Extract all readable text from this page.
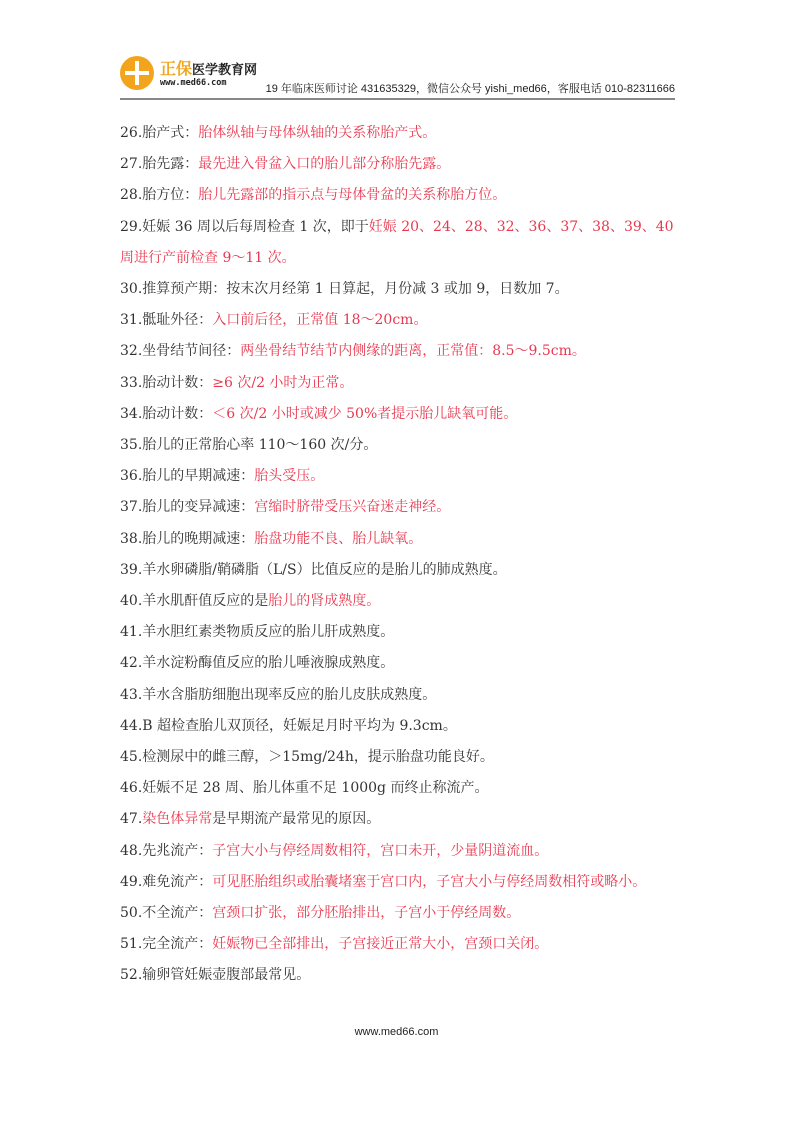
正保医学教育网
www.med66.com	19 年临床医师讨论 431635329，微信公众号 yishi_med66，客服电话 010-82311666
26.胎产式：胎体纵轴与母体纵轴的关系称胎产式。
27.胎先露：最先进入骨盆入口的胎儿部分称胎先露。
28.胎方位：胎儿先露部的指示点与母体骨盆的关系称胎方位。
29.妊娠 36 周以后每周检查 1 次，即于妊娠 20、24、28、32、36、37、38、39、40 周进行产前检查 9～11 次。
30.推算预产期：按末次月经第 1 日算起，月份减 3 或加 9，日数加 7。
31.骶耻外径：入口前后径，正常值 18～20cm。
32.坐骨结节间径：两坐骨结节结节内侧缘的距离，正常值：8.5～9.5cm。
33.胎动计数：≥6 次/2 小时为正常。
34.胎动计数：＜6 次/2 小时或减少 50%者提示胎儿缺氧可能。
35.胎儿的正常胎心率 110～160 次/分。
36.胎儿的早期减速：胎头受压。
37.胎儿的变异减速：宫缩时脐带受压兴奋迷走神经。
38.胎儿的晚期减速：胎盘功能不良、胎儿缺氧。
39.羊水卵磷脂/鞘磷脂（L/S）比值反应的是胎儿的肺成熟度。
40.羊水肌酐值反应的是胎儿的肾成熟度。
41.羊水胆红素类物质反应的胎儿肝成熟度。
42.羊水淀粉酶值反应的胎儿唾液腺成熟度。
43.羊水含脂肪细胞出现率反应的胎儿皮肤成熟度。
44.B 超检查胎儿双顶径，妊娠足月时平均为 9.3cm。
45.检测尿中的雌三醇，＞15mg/24h，提示胎盘功能良好。
46.妊娠不足 28 周、胎儿体重不足 1000g 而终止称流产。
47.染色体异常是早期流产最常见的原因。
48.先兆流产：子宫大小与停经周数相符，宫口未开，少量阴道流血。
49.难免流产：可见胚胎组织或胎囊堵塞于宫口内，子宫大小与停经周数相符或略小。
50.不全流产：宫颈口扩张，部分胚胎排出，子宫小于停经周数。
51.完全流产：妊娠物已全部排出，子宫接近正常大小，宫颈口关闭。
52.输卵管妊娠壶腹部最常见。
www.med66.com
